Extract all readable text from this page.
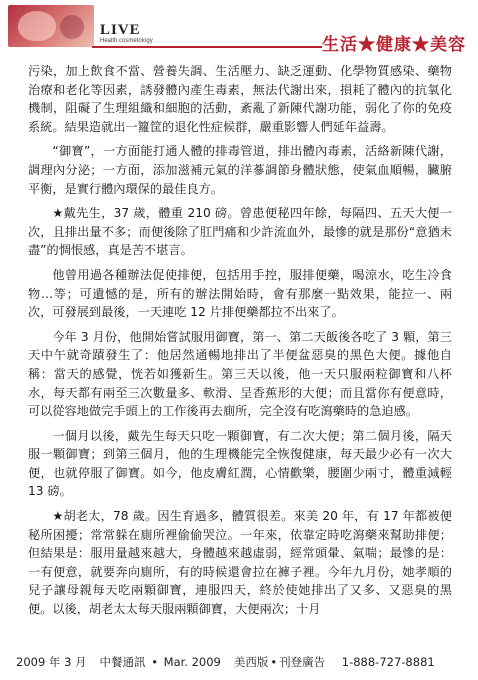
LIVE
Health cosmetology	生活★健康★美容

污染，加上飲食不當、營養失調、生活壓力、缺乏運動、化學物質感染、藥物治療和老化等因素，誘發體內產生毒素，無法代謝出來，損耗了體內的抗氧化機制，阻礙了生理組織和細胞的活動，紊亂了新陳代謝功能，弱化了你的免疫系統。結果造就出一籮筐的退化性症候群，嚴重影響人們延年益壽。

“御寶”，一方面能打通人體的排毒管道，排出體內毒素，活絡新陳代謝，調理內分泌；一方面，添加滋補元氣的洋蔘調節身體狀態，使氣血順暢，臟腑平衡，是實行體內環保的最佳良方。

★戴先生，37 歲，體重 210 磅。曾患便秘四年餘，每隔四、五天大便一次，且排出量不多；而便後除了肛門痛和少許流血外，最慘的就是那份“意猶未盡”的惆悵感，真是苦不堪言。

他曾用過各種辦法促使排便，包括用手控，服排便藥，喝涼水，吃生冷食物…等；可遺憾的是，所有的辦法開始時，會有那麼一點效果，能拉一、兩次，可發展到最後，一天連吃 12 片排便藥都拉不出來了。

今年 3 月份，他開始嘗試服用御寶，第一、第二天飯後各吃了 3 顆，第三天中午就奇蹟發生了：他居然通暢地排出了半便盆惡臭的黑色大便。據他自稱：當天的感覺，恍若如獲新生。第三天以後，他一天只服兩粒御寶和八杯水，每天都有兩至三次數量多、軟滑、呈香蕉形的大便；而且當你有便意時，可以從容地做完手頭上的工作後再去廁所，完全沒有吃瀉藥時的急迫感。

一個月以後，戴先生每天只吃一顆御寶，有二次大便；第二個月後，隔天服一顆御寶；到第三個月，他的生理機能完全恢復健康，每天最少必有一次大便，也就停服了御寶。如今，他皮膚紅潤，心情歡樂，腰圍少兩寸，體重減輕 13 磅。

★胡老太，78 歲。因生育過多，體質很差。來美 20 年，有 17 年都被便秘所困擾；常常躲在廁所裡偷偷哭泣。一年來，依靠定時吃瀉藥來幫助排便；但結果是：服用量越來越大，身體越來越虛弱，經常頭暈、氣喘；最慘的是：一有便意，就要奔向廁所，有的時候還會拉在褲子裡。今年九月份，她孝順的兒子讓母親每天吃兩顆御寶，連服四天，終於使她排出了又多、又惡臭的黑便。以後，胡老太太每天服兩顆御寶，大便兩次；十月

2009 年 3 月 中餐通訊 • Mar. 2009 美西版 • 刊登廣告 1-888-727-8881
